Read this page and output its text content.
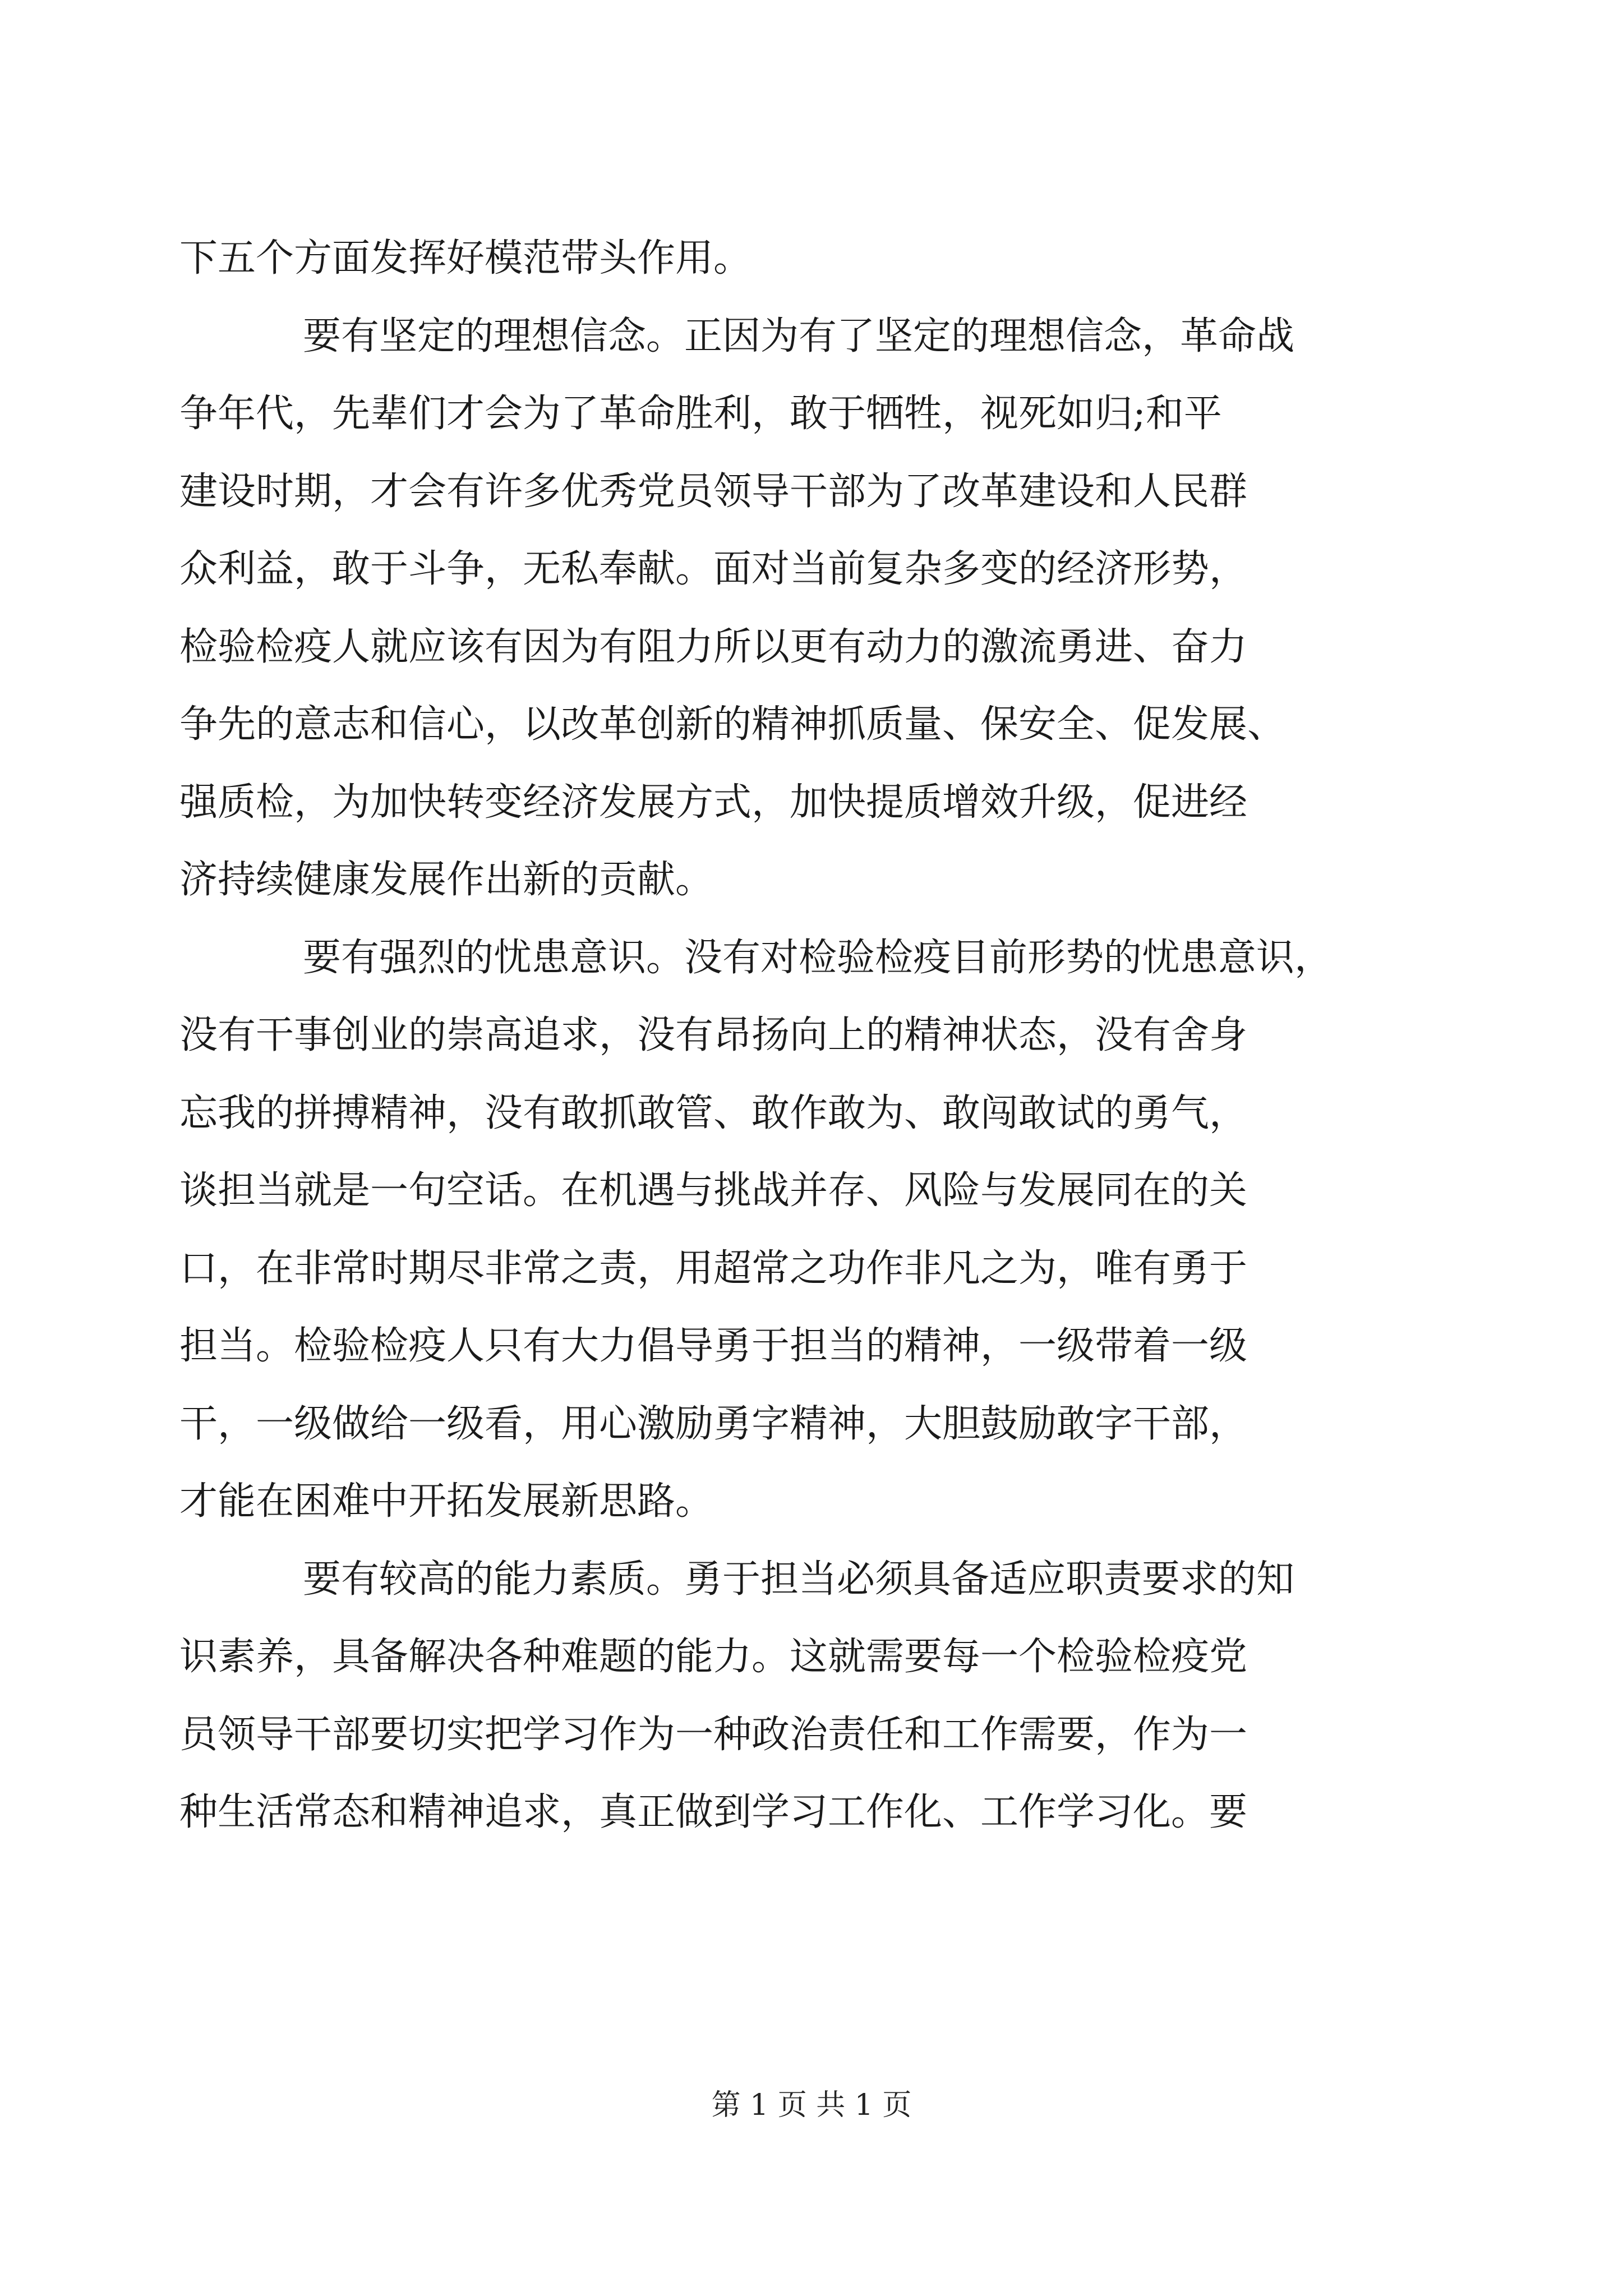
下五个方面发挥好模范带头作用。
要有坚定的理想信念。正因为有了坚定的理想信念，革命战
争年代，先辈们才会为了革命胜利，敢于牺牲，视死如归;和平
建设时期，才会有许多优秀党员领导干部为了改革建设和人民群
众利益，敢于斗争，无私奉献。面对当前复杂多变的经济形势，
检验检疫人就应该有因为有阻力所以更有动力的激流勇进、奋力
争先的意志和信心，以改革创新的精神抓质量、保安全、促发展、
强质检，为加快转变经济发展方式，加快提质增效升级，促进经
济持续健康发展作出新的贡献。
要有强烈的忧患意识。没有对检验检疫目前形势的忧患意识，
没有干事创业的崇高追求，没有昂扬向上的精神状态，没有舍身
忘我的拼搏精神，没有敢抓敢管、敢作敢为、敢闯敢试的勇气，
谈担当就是一句空话。在机遇与挑战并存、风险与发展同在的关
口，在非常时期尽非常之责，用超常之功作非凡之为，唯有勇于
担当。检验检疫人只有大力倡导勇于担当的精神，一级带着一级
干，一级做给一级看，用心激励勇字精神，大胆鼓励敢字干部，
才能在困难中开拓发展新思路。
要有较高的能力素质。勇于担当必须具备适应职责要求的知
识素养，具备解决各种难题的能力。这就需要每一个检验检疫党
员领导干部要切实把学习作为一种政治责任和工作需要，作为一
种生活常态和精神追求，真正做到学习工作化、工作学习化。要
第 1 页 共 1 页
